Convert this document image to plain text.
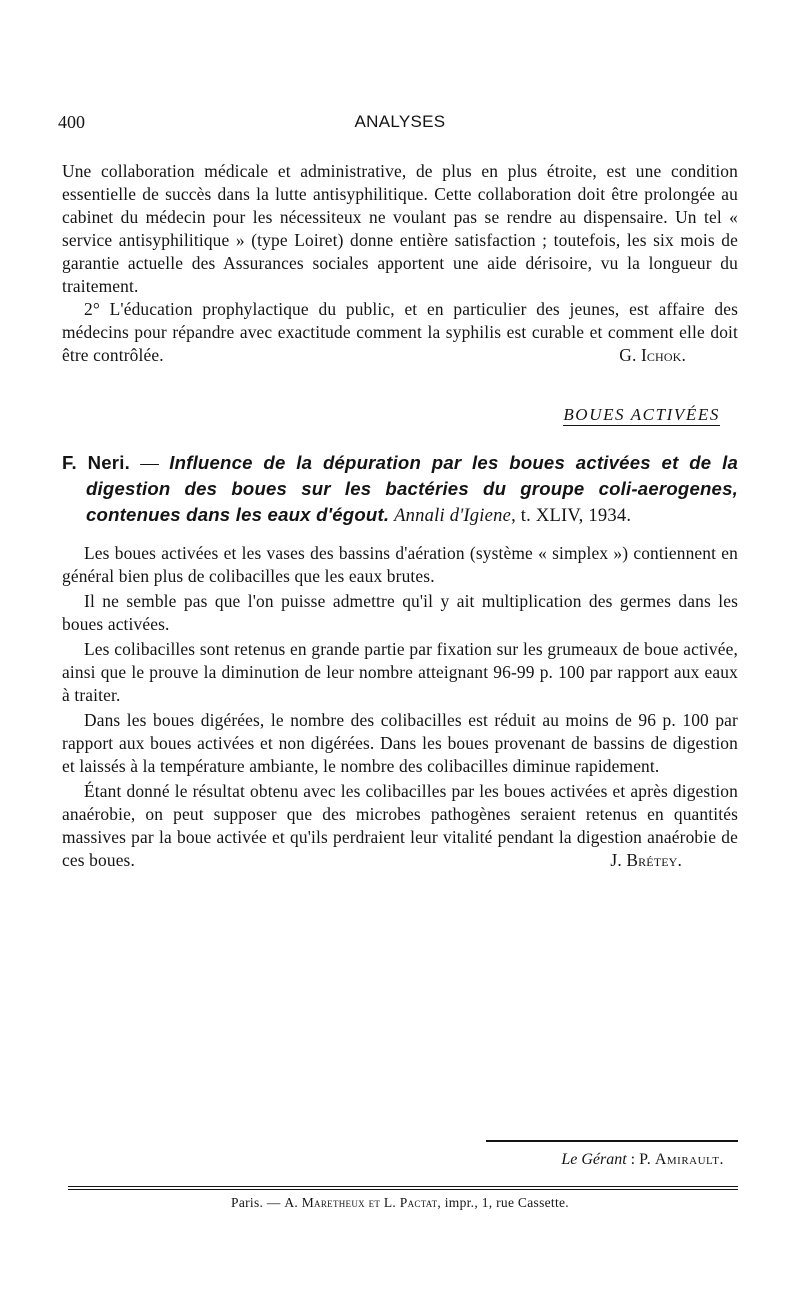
400	ANALYSES

Une collaboration médicale et administrative, de plus en plus étroite, est une condition essentielle de succès dans la lutte antisyphilitique. Cette collaboration doit être prolongée au cabinet du médecin pour les nécessiteux ne voulant pas se rendre au dispensaire. Un tel « service antisyphilitique » (type Loiret) donne entière satisfaction ; toutefois, les six mois de garantie actuelle des Assurances sociales apportent une aide dérisoire, vu la longueur du traitement.

2° L'éducation prophylactique du public, et en particulier des jeunes, est affaire des médecins pour répandre avec exactitude comment la syphilis est curable et comment elle doit être contrôlée.	G. Ichok.

BOUES ACTIVÉES

F. Neri. — Influence de la dépuration par les boues activées et de la digestion des boues sur les bactéries du groupe coli-aerogenes, contenues dans les eaux d'égout. Annali d'Igiene, t. XLIV, 1934.

Les boues activées et les vases des bassins d'aération (système « simplex ») contiennent en général bien plus de colibacilles que les eaux brutes.

Il ne semble pas que l'on puisse admettre qu'il y ait multiplication des germes dans les boues activées.

Les colibacilles sont retenus en grande partie par fixation sur les grumeaux de boue activée, ainsi que le prouve la diminution de leur nombre atteignant 96-99 p. 100 par rapport aux eaux à traiter.

Dans les boues digérées, le nombre des colibacilles est réduit au moins de 96 p. 100 par rapport aux boues activées et non digérées. Dans les boues provenant de bassins de digestion et laissés à la température ambiante, le nombre des colibacilles diminue rapidement.

Étant donné le résultat obtenu avec les colibacilles par les boues activées et après digestion anaérobie, on peut supposer que des microbes pathogènes seraient retenus en quantités massives par la boue activée et qu'ils perdraient leur vitalité pendant la digestion anaérobie de ces boues.	J. Brétey.

Le Gérant : P. Amirault.
Paris. — A. Maretheux et L. Pactat, impr., 1, rue Cassette.
